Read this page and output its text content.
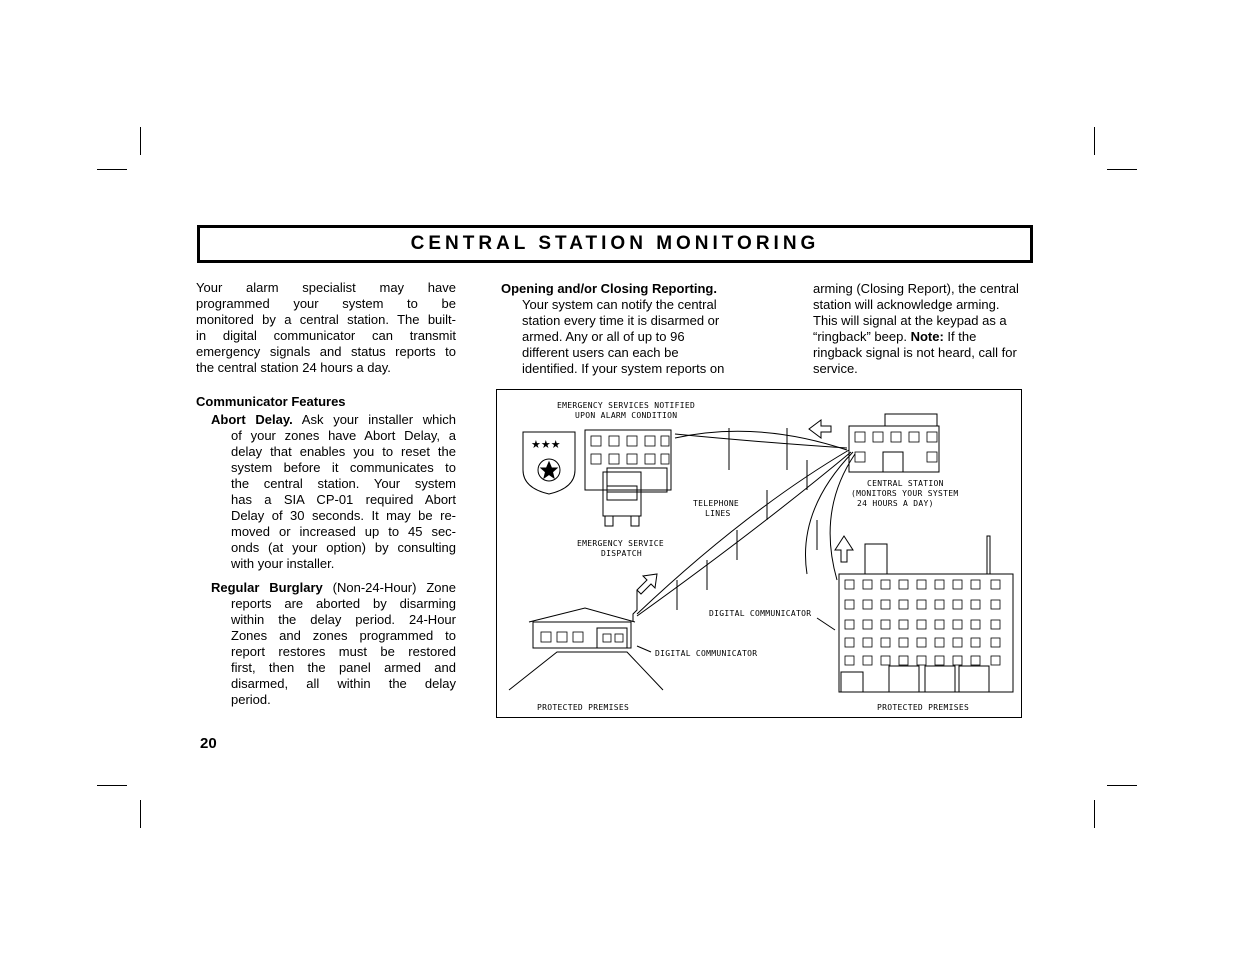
CENTRAL STATION MONITORING
Your alarm specialist may have
programmed your system to be
monitored by a central station. The built-
in digital communicator can transmit
emergency signals and status reports to
the central station 24 hours a day.
Communicator Features
Abort Delay. Ask your installer which
of your zones have Abort Delay, a
delay that enables you to reset the
system before it communicates to
the central station. Your system
has a SIA CP-01 required Abort
Delay of 30 seconds. It may be re-
moved or increased up to 45 sec-
onds (at your option) by consulting
with your installer.
Regular Burglary (Non-24-Hour) Zone
reports are aborted by disarming
within the delay period. 24-Hour
Zones and zones programmed to
report restores must be restored
first, then the panel armed and
disarmed, all within the delay
period.
Opening and/or Closing Reporting.
Your system can notify the central
station every time it is disarmed or
armed. Any or all of up to 96
different users can each be
identified. If your system reports on
arming (Closing Report), the central
station will acknowledge arming.
This will signal at the keypad as a
“ringback” beep. Note: If the
ringback signal is not heard, call for
service.
★★★
EMERGENCY SERVICES NOTIFIED
UPON ALARM CONDITION
TELEPHONE
LINES
EMERGENCY SERVICE
DISPATCH
CENTRAL STATION
(MONITORS YOUR SYSTEM
24 HOURS A DAY)
DIGITAL COMMUNICATOR
DIGITAL COMMUNICATOR
PROTECTED PREMISES	PROTECTED PREMISES
20
